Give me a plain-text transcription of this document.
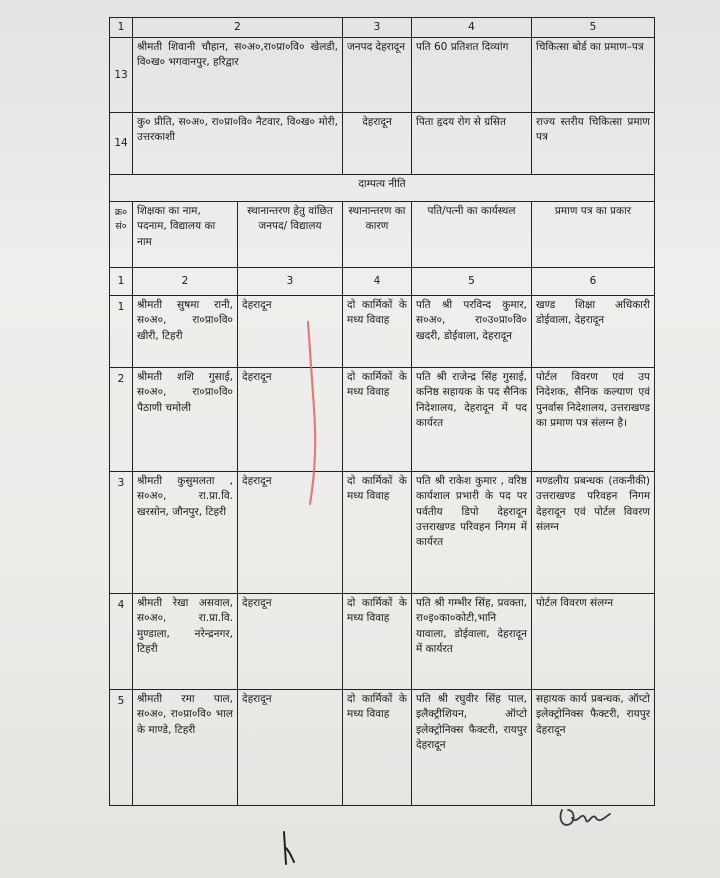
1	2		3	4	5
13	श्रीमती शिवानी चौहान, स०अ०,रा०प्रा०वि० खेलडी, वि०ख० भगवानपुर, हरिद्वार		जनपद देहरादून	पति 60 प्रतिशत दिव्यांग	चिकित्सा बोर्ड का प्रमाण–पत्र
14	कु० प्रीति, स०अ०, रा०प्रा०वि० नैटवार, वि०ख० मोरी, उत्तरकाशी		देहरादून	पिता हृदय रोग से ग्रसित	राज्य स्तरीय चिकित्सा प्रमाण पत्र
दाम्पत्य नीति					
क्र० सं०	शिक्षका का नाम, पदनाम, विद्यालय का नाम	स्थानान्तरण हेतु वांछित जनपद/ विद्यालय	स्थानान्तरण का कारण	पति/पत्नी का कार्यस्थल	प्रमाण पत्र का प्रकार
1	2	3	4	5	6
1	श्रीमती सुषमा रानी, स०अ०, रा०प्रा०वि० खीरी, टिहरी	देहरादून	दो कार्मिकों के मध्य विवाह	पति श्री परविन्द कुमार, स०अ०, रा०उ०प्रा०वि० खदरी, डोईवाला, देहरादून	खण्ड शिक्षा अधिकारी डोईवाला, देहरादून
2	श्रीमती शशि गुसाई, स०अ०, रा०प्रा०वि० पैठाणी चमोली	देहरादून	दो कार्मिकों के मध्य विवाह	पति श्री राजेन्द्र सिंह गुसाई, कनिष्ठ सहायक के पद सैनिक निदेशालय, देहरादून में पद कार्यरत	पोर्टल विवरण एवं उप निदेशक, सैनिक कल्याण एवं पुनर्वास निदेशालय, उत्तराखण्ड का प्रमाण पत्र संलग्न है।
3	श्रीमती कुसुमलता , स०अ०, रा.प्रा.वि. खरसोन, जौनपुर, टिहरी	देहरादून	दो कार्मिकों के मध्य विवाह	पति श्री राकेश कुमार , वरिष्ठ कार्यशाल प्रभारी के पद पर पर्वतीय डिपो देहरादून उत्तराखण्ड परिवहन निगम में कार्यरत	मण्डलीय प्रबन्धक (तकनीकी) उत्तराखण्ड परिवहन निगम देहरादून एवं पोर्टल विवरण संलग्न
4	श्रीमती रेखा असवाल, स०अ०, रा.प्रा.वि. मुण्डाला, नरेन्द्रनगर, टिहरी	देहरादून	दो कार्मिकों के मध्य विवाह	पति श्री गम्भीर सिंह, प्रवक्ता, रा०इ०का०कोटी,भानि यावाला, डोईवाला, देहरादून में कार्यरत	पोर्टल विवरण संलग्न
5	श्रीमती रमा पाल, स०अ०, रा०प्रा०वि० भाल के माण्डे, टिहरी	देहरादून	दो कार्मिकों के मध्य विवाह	पति श्री रघुवीर सिंह पाल, इलैक्ट्रीशियन, ऑप्टो इलेक्ट्रोनिक्स फैक्टरी, रायपुर देहरादून	सहायक कार्य प्रबन्धक, ऑप्टो इलेक्ट्रोनिक्स फैक्टरी, रायपुर देहरादून
